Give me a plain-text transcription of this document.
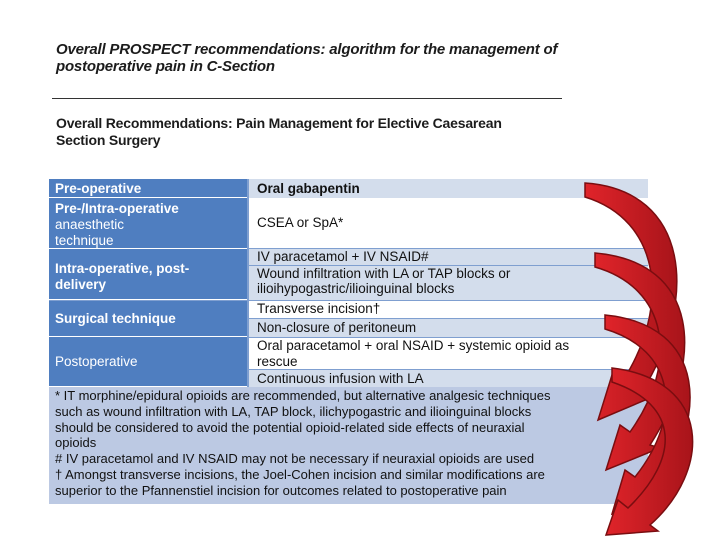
Overall PROSPECT recommendations: algorithm for the management of
postoperative pain in C-Section
Overall Recommendations: Pain Management for Elective Caesarean
Section Surgery
Pre-operative	Oral gabapentin
Pre-/Intra-operative
anaesthetic
technique
CSEA or SpA*
Intra-operative, post-
delivery
IV paracetamol + IV NSAID#
Wound infiltration with LA or TAP blocks or
ilioihypogastric/ilioinguinal blocks
Surgical technique
Transverse incision†
Non-closure of peritoneum
Postoperative
Oral paracetamol + oral NSAID + systemic opioid as
rescue
Continuous infusion with LA
* IT morphine/epidural opioids are recommended, but alternative analgesic techniques
such as wound infiltration with LA, TAP block, ilichypogastric and ilioinguinal blocks
should be considered to avoid the potential opioid-related side effects of neuraxial
opioids
# IV paracetamol and IV NSAID may not be necessary if neuraxial opioids are used
† Amongst transverse incisions, the Joel-Cohen incision and similar modifications are
superior to the Pfannenstiel incision for outcomes related to postoperative pain
